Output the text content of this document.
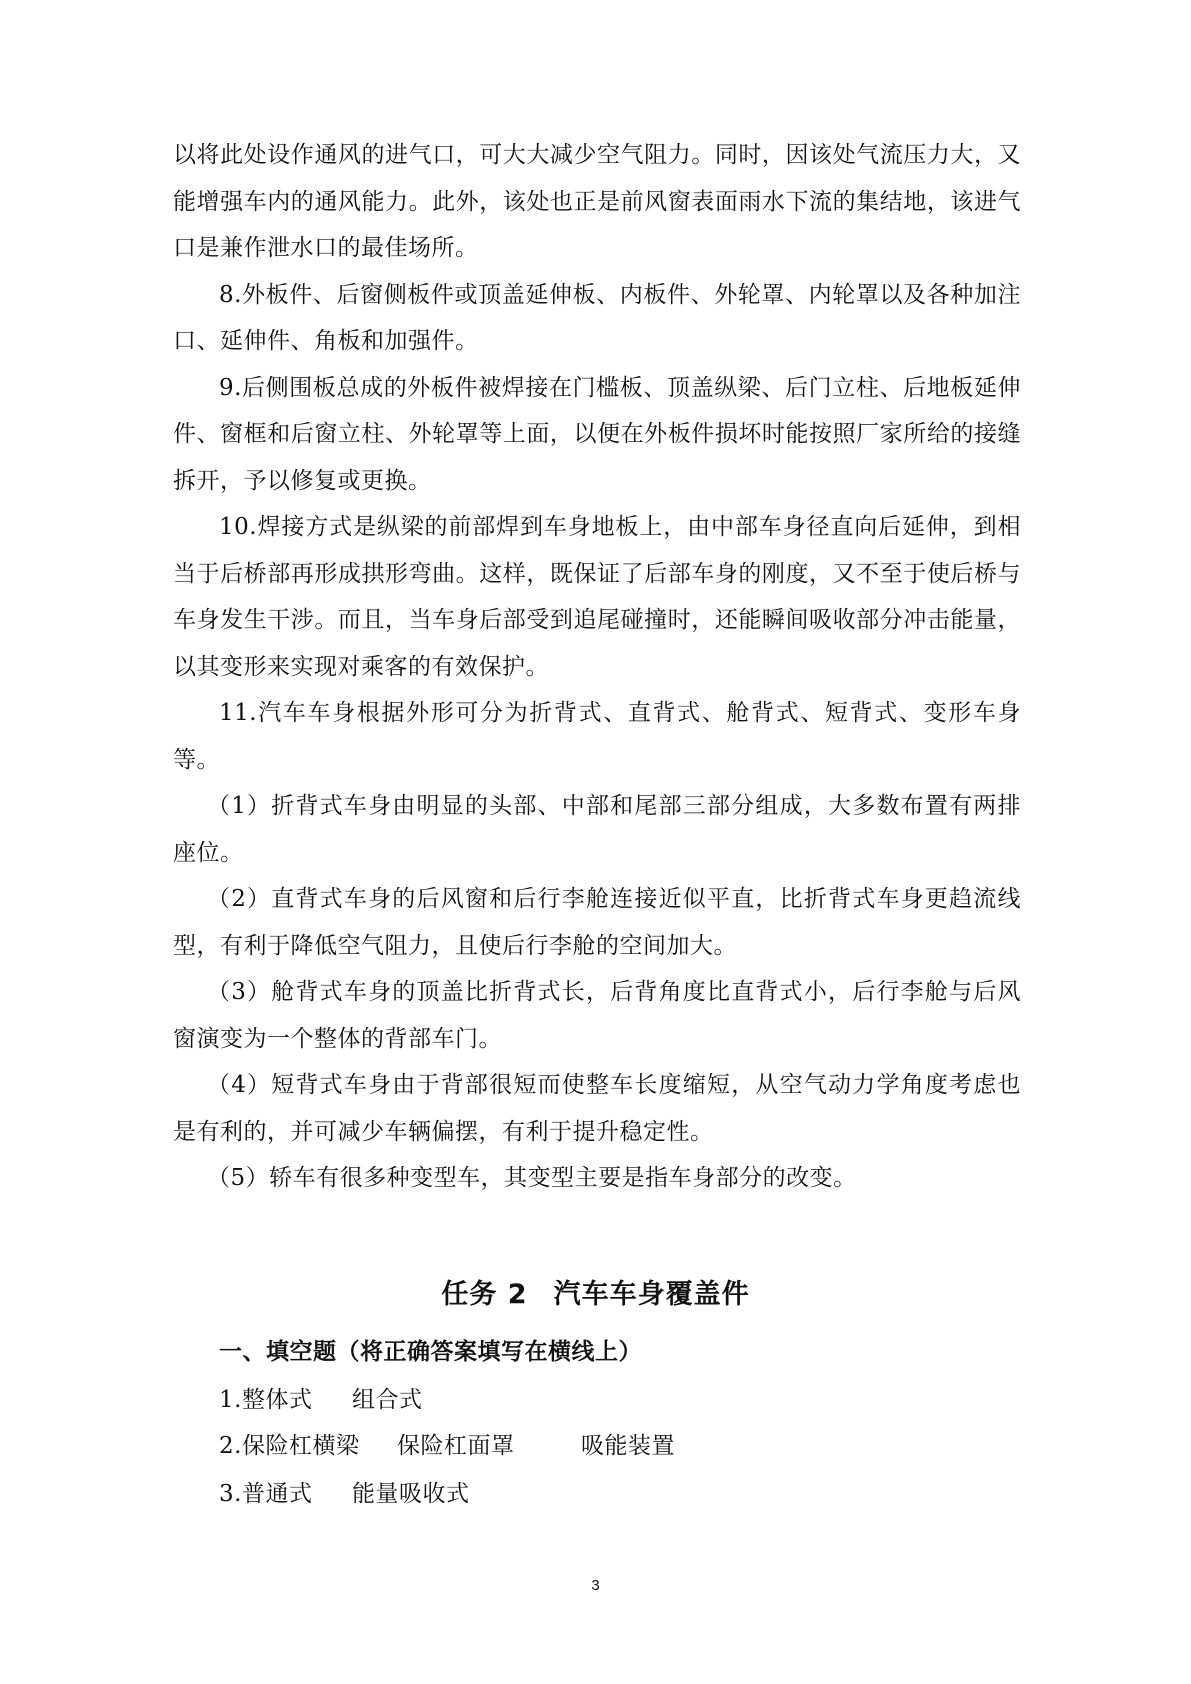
以将此处设作通风的进气口，可大大减少空气阻力。同时，因该处气流压力大，又能增强车内的通风能力。此外，该处也正是前风窗表面雨水下流的集结地，该进气口是兼作泄水口的最佳场所。

8.外板件、后窗侧板件或顶盖延伸板、内板件、外轮罩、内轮罩以及各种加注口、延伸件、角板和加强件。

9.后侧围板总成的外板件被焊接在门槛板、顶盖纵梁、后门立柱、后地板延伸件、窗框和后窗立柱、外轮罩等上面，以便在外板件损坏时能按照厂家所给的接缝拆开，予以修复或更换。

10.焊接方式是纵梁的前部焊到车身地板上，由中部车身径直向后延伸，到相当于后桥部再形成拱形弯曲。这样，既保证了后部车身的刚度，又不至于使后桥与车身发生干涉。而且，当车身后部受到追尾碰撞时，还能瞬间吸收部分冲击能量，以其变形来实现对乘客的有效保护。

11.汽车车身根据外形可分为折背式、直背式、舱背式、短背式、变形车身等。

（1）折背式车身由明显的头部、中部和尾部三部分组成，大多数布置有两排座位。

（2）直背式车身的后风窗和后行李舱连接近似平直，比折背式车身更趋流线型，有利于降低空气阻力，且使后行李舱的空间加大。

（3）舱背式车身的顶盖比折背式长，后背角度比直背式小，后行李舱与后风窗演变为一个整体的背部车门。

（4）短背式车身由于背部很短而使整车长度缩短，从空气动力学角度考虑也是有利的，并可减少车辆偏摆，有利于提升稳定性。

（5）轿车有很多种变型车，其变型主要是指车身部分的改变。

任务 2 汽车车身覆盖件
一、填空题（将正确答案填写在横线上）
1.整体式 组合式
2.保险杠横梁 保险杠面罩	吸能装置
3.普通式 能量吸收式
3
